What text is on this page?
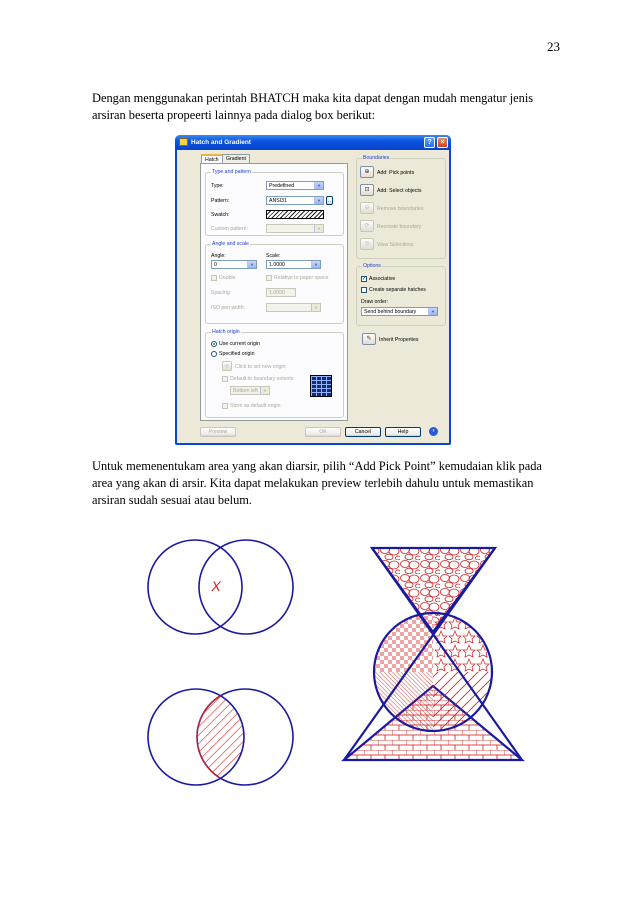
23

Dengan menggunakan perintah BHATCH maka kita dapat dengan mudah mengatur jenis arsiran beserta propeerti lainnya pada dialog box berikut:

Hatch and Gradient	?	×
Hatch	Gradient
Type and pattern
Type:	Predefined	▼
Pattern:	ANSI31	▼	..
Swatch:
Custom pattern:	▼
Angle and scale
Angle:
0	▼
Scale:
1.0000	▼
Double	Relative to paper space
Spacing:	1.0000
ISO pen width:	▼
Hatch origin
Use current origin
Specified origin
✛	Click to set new origin
Default to boundary extents
Bottom left	▼
Store as default origin
Boundaries
⊕	Add: Pick points
⊡	Add: Select objects
⊖	Remove boundaries
⟳	Recreate boundary
◎	View Selections
Options
✓ Associative
Create separate hatches
Draw order:
Send behind boundary	▼
✎	Inherit Properties
Preview	OK	Cancel	Help	›

Untuk memenentukam area yang akan diarsir, pilih “Add Pick Point” kemudaian klik pada area yang akan di arsir. Kita dapat melakukan preview terlebih dahulu untuk memastikan arsiran sudah sesuai atau belum.

X
